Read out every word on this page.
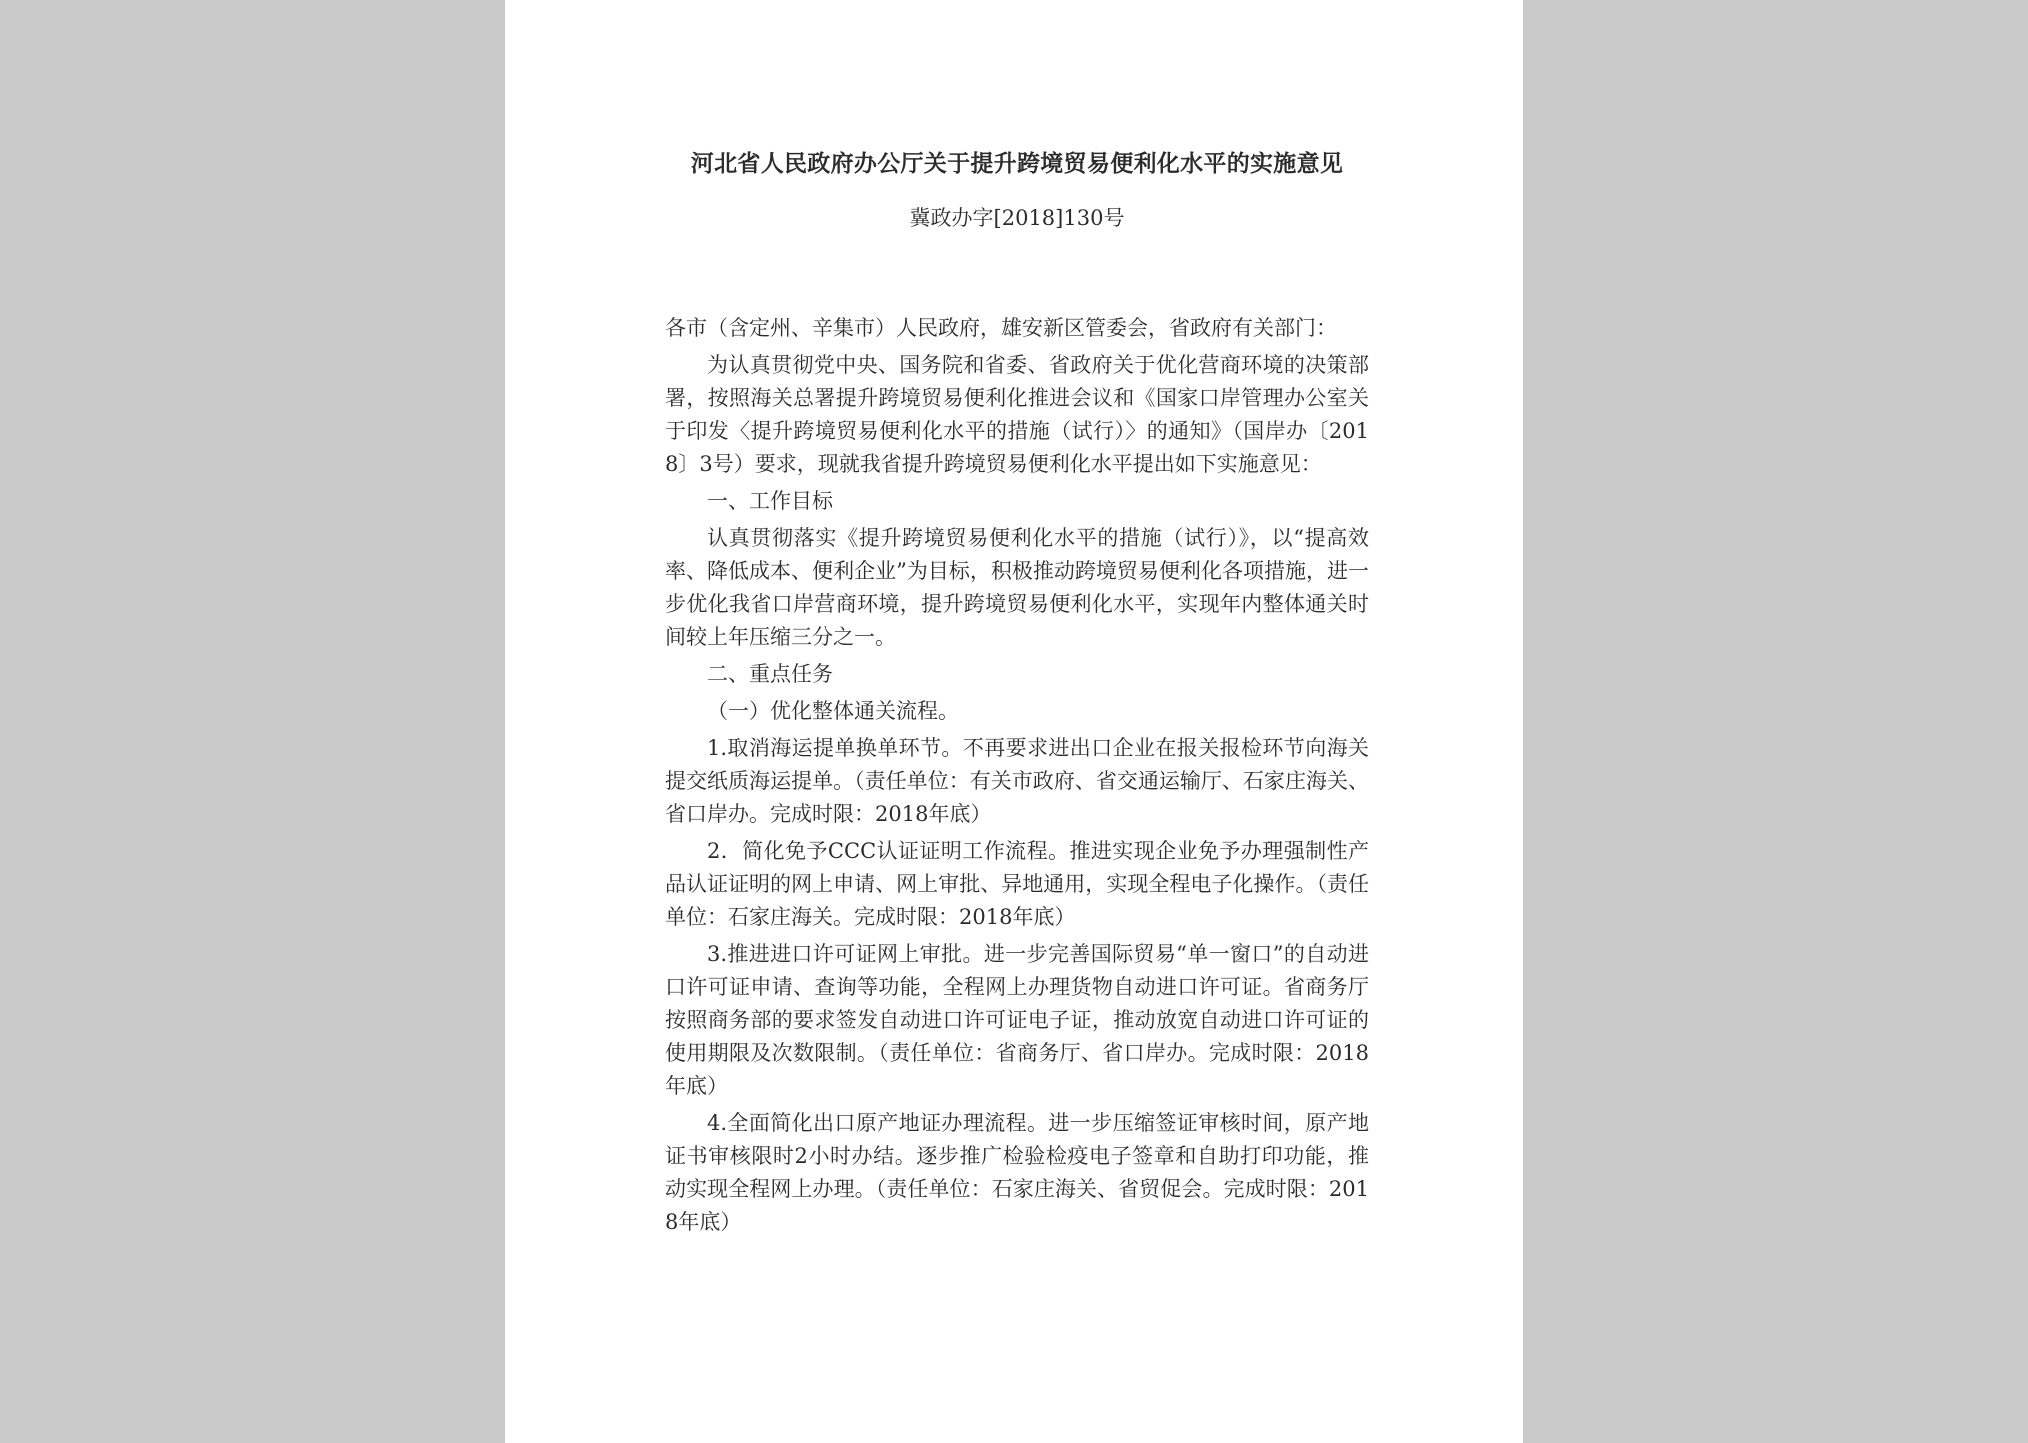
河北省人民政府办公厅关于提升跨境贸易便利化水平的实施意见
冀政办字[2018]130号

各市（含定州、辛集市）人民政府，雄安新区管委会，省政府有关部门：

为认真贯彻党中央、国务院和省委、省政府关于优化营商环境的决策部署，按照海关总署提升跨境贸易便利化推进会议和《国家口岸管理办公室关于印发〈提升跨境贸易便利化水平的措施（试行）〉的通知》（国岸办〔2018〕3号）要求，现就我省提升跨境贸易便利化水平提出如下实施意见：

一、工作目标

认真贯彻落实《提升跨境贸易便利化水平的措施（试行）》，以“提高效率、降低成本、便利企业”为目标，积极推动跨境贸易便利化各项措施，进一步优化我省口岸营商环境，提升跨境贸易便利化水平，实现年内整体通关时间较上年压缩三分之一。

二、重点任务

（一）优化整体通关流程。

1.取消海运提单换单环节。不再要求进出口企业在报关报检环节向海关提交纸质海运提单。（责任单位：有关市政府、省交通运输厅、石家庄海关、省口岸办。完成时限：2018年底）

2．简化免予CCC认证证明工作流程。推进实现企业免予办理强制性产品认证证明的网上申请、网上审批、异地通用，实现全程电子化操作。（责任单位：石家庄海关。完成时限：2018年底）

3.推进进口许可证网上审批。进一步完善国际贸易“单一窗口”的自动进口许可证申请、查询等功能，全程网上办理货物自动进口许可证。省商务厅按照商务部的要求签发自动进口许可证电子证，推动放宽自动进口许可证的使用期限及次数限制。（责任单位：省商务厅、省口岸办。完成时限：2018年底）

4.全面简化出口原产地证办理流程。进一步压缩签证审核时间，原产地证书审核限时2小时办结。逐步推广检验检疫电子签章和自助打印功能，推动实现全程网上办理。（责任单位：石家庄海关、省贸促会。完成时限：2018年底）
